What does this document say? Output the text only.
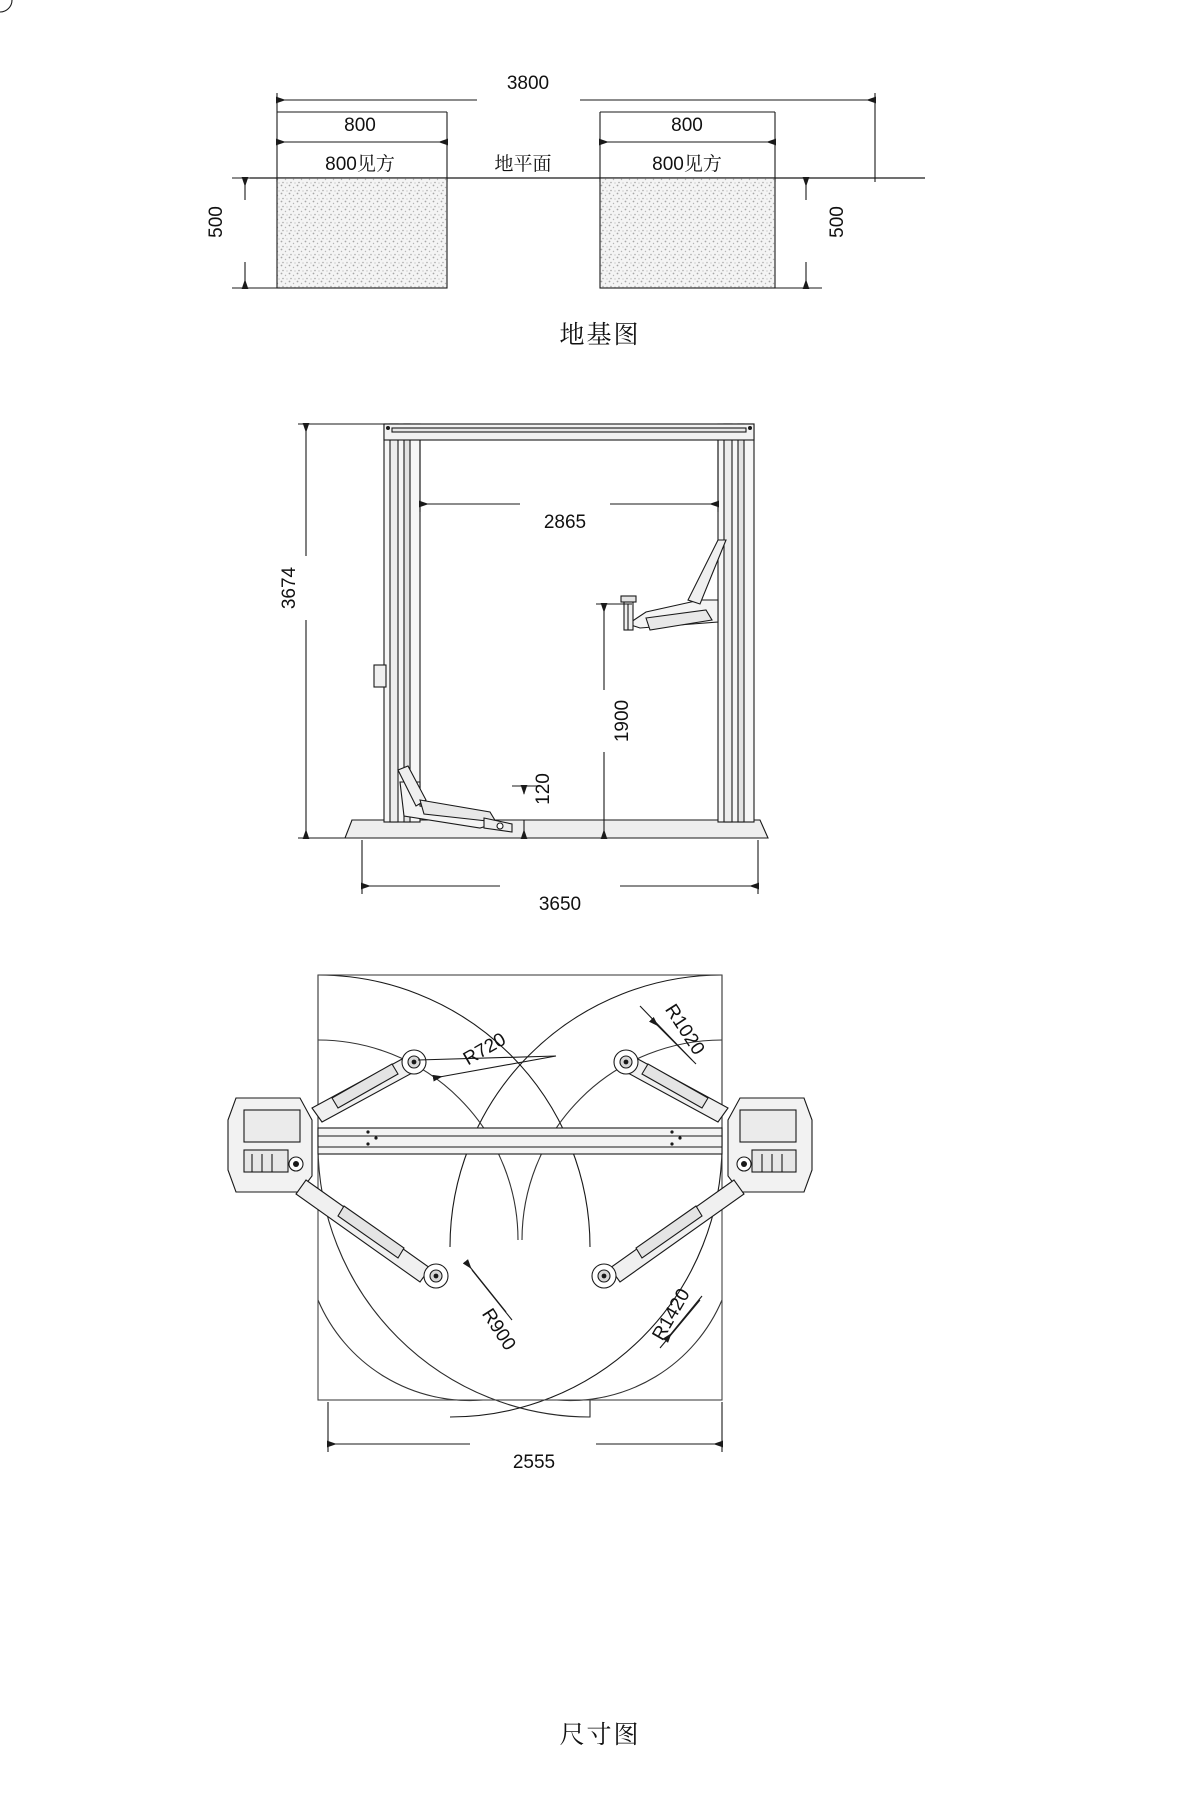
3800
800	800
800见方	800见方
地平面
500	500
地基图
3674
2865
1900
120
3650
R720	R1020
R900	R1420
2555
尺寸图
